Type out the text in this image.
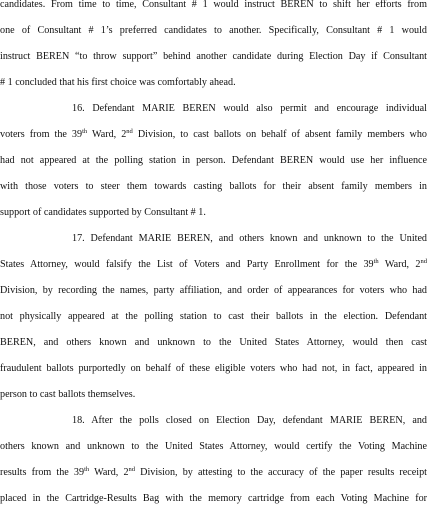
candidates. From time to time, Consultant # 1 would instruct BEREN to shift her efforts from
one of Consultant # 1’s preferred candidates to another. Specifically, Consultant # 1 would
instruct BEREN “to throw support” behind another candidate during Election Day if Consultant
# 1 concluded that his first choice was comfortably ahead.
16. Defendant MARIE BEREN would also permit and encourage individual
voters from the 39th Ward, 2nd Division, to cast ballots on behalf of absent family members who
had not appeared at the polling station in person. Defendant BEREN would use her influence
with those voters to steer them towards casting ballots for their absent family members in
support of candidates supported by Consultant # 1.
17. Defendant MARIE BEREN, and others known and unknown to the United
States Attorney, would falsify the List of Voters and Party Enrollment for the 39th Ward, 2nd
Division, by recording the names, party affiliation, and order of appearances for voters who had
not physically appeared at the polling station to cast their ballots in the election. Defendant
BEREN, and others known and unknown to the United States Attorney, would then cast
fraudulent ballots purportedly on behalf of these eligible voters who had not, in fact, appeared in
person to cast ballots themselves.
18. After the polls closed on Election Day, defendant MARIE BEREN, and
others known and unknown to the United States Attorney, would certify the Voting Machine
results from the 39th Ward, 2nd Division, by attesting to the accuracy of the paper results receipt
placed in the Cartridge-Results Bag with the memory cartridge from each Voting Machine for
